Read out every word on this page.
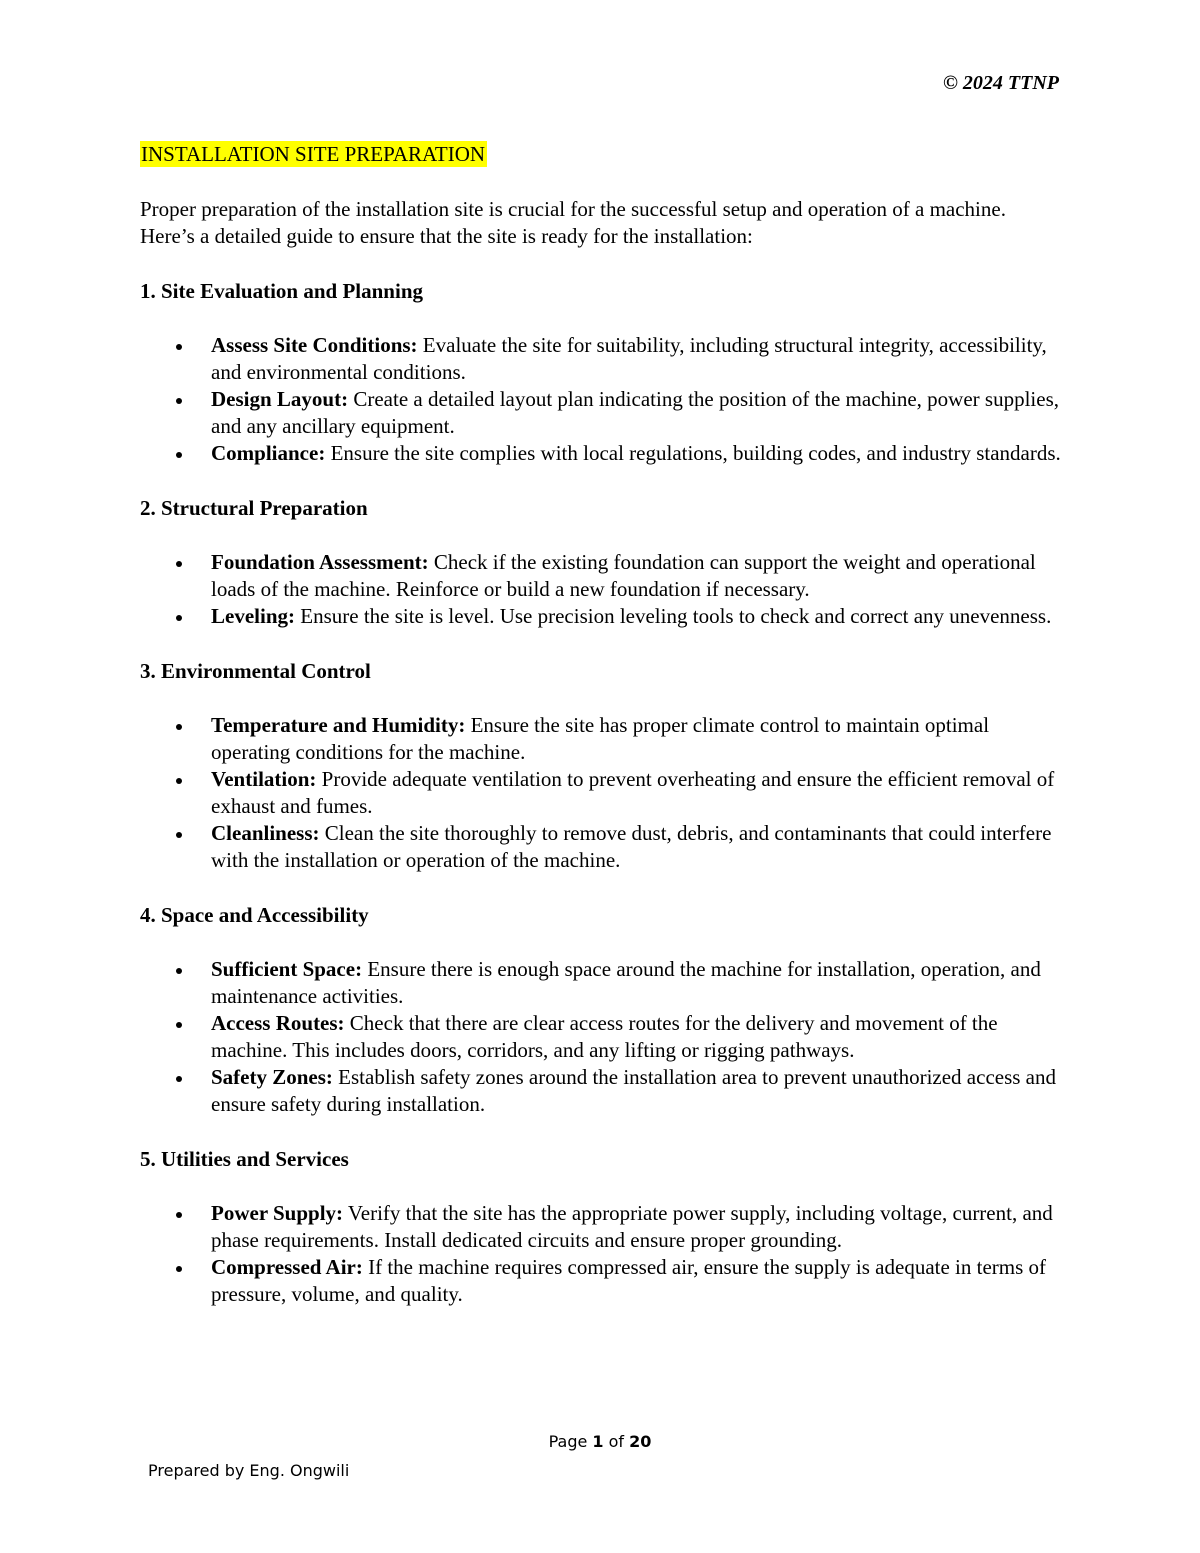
© 2024 TTNP
INSTALLATION SITE PREPARATION

Proper preparation of the installation site is crucial for the successful setup and operation of a machine. Here’s a detailed guide to ensure that the site is ready for the installation:

1. Site Evaluation and Planning
Assess Site Conditions: Evaluate the site for suitability, including structural integrity, accessibility, and environmental conditions.
Design Layout: Create a detailed layout plan indicating the position of the machine, power supplies, and any ancillary equipment.
Compliance: Ensure the site complies with local regulations, building codes, and industry standards.
2. Structural Preparation
Foundation Assessment: Check if the existing foundation can support the weight and operational loads of the machine. Reinforce or build a new foundation if necessary.
Leveling: Ensure the site is level. Use precision leveling tools to check and correct any unevenness.
3. Environmental Control
Temperature and Humidity: Ensure the site has proper climate control to maintain optimal operating conditions for the machine.
Ventilation: Provide adequate ventilation to prevent overheating and ensure the efficient removal of exhaust and fumes.
Cleanliness: Clean the site thoroughly to remove dust, debris, and contaminants that could interfere with the installation or operation of the machine.
4. Space and Accessibility
Sufficient Space: Ensure there is enough space around the machine for installation, operation, and maintenance activities.
Access Routes: Check that there are clear access routes for the delivery and movement of the machine. This includes doors, corridors, and any lifting or rigging pathways.
Safety Zones: Establish safety zones around the installation area to prevent unauthorized access and ensure safety during installation.
5. Utilities and Services
Power Supply: Verify that the site has the appropriate power supply, including voltage, current, and phase requirements. Install dedicated circuits and ensure proper grounding.
Compressed Air: If the machine requires compressed air, ensure the supply is adequate in terms of pressure, volume, and quality.
Page 1 of 20
Prepared by Eng. Ongwili
